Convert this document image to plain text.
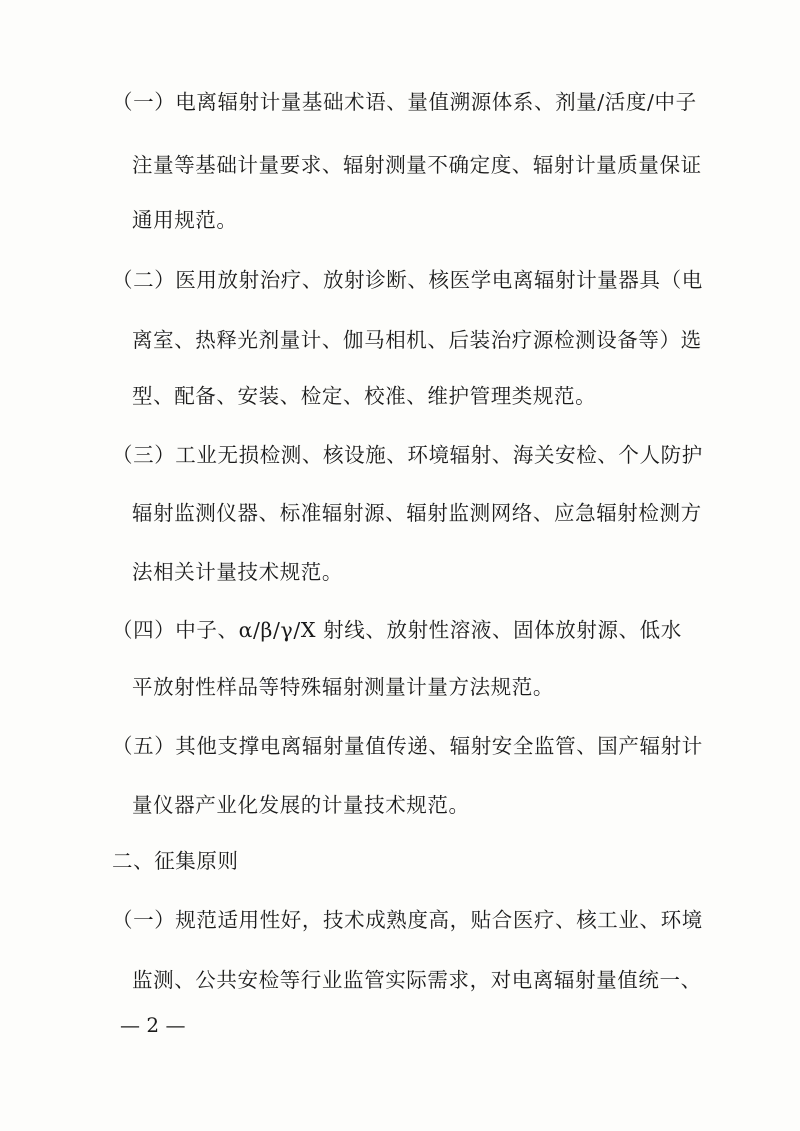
（一）电离辐射计量基础术语、量值溯源体系、剂量/活度/中子
注量等基础计量要求、辐射测量不确定度、辐射计量质量保证
通用规范。
（二）医用放射治疗、放射诊断、核医学电离辐射计量器具（电
离室、热释光剂量计、伽马相机、后装治疗源检测设备等）选
型、配备、安装、检定、校准、维护管理类规范。
（三）工业无损检测、核设施、环境辐射、海关安检、个人防护
辐射监测仪器、标准辐射源、辐射监测网络、应急辐射检测方
法相关计量技术规范。
（四）中子、α/β/γ/X 射线、放射性溶液、固体放射源、低水
平放射性样品等特殊辐射测量计量方法规范。
（五）其他支撑电离辐射量值传递、辐射安全监管、国产辐射计
量仪器产业化发展的计量技术规范。
二、征集原则
（一）规范适用性好，技术成熟度高，贴合医疗、核工业、环境
监测、公共安检等行业监管实际需求，对电离辐射量值统一、
— 2 —
